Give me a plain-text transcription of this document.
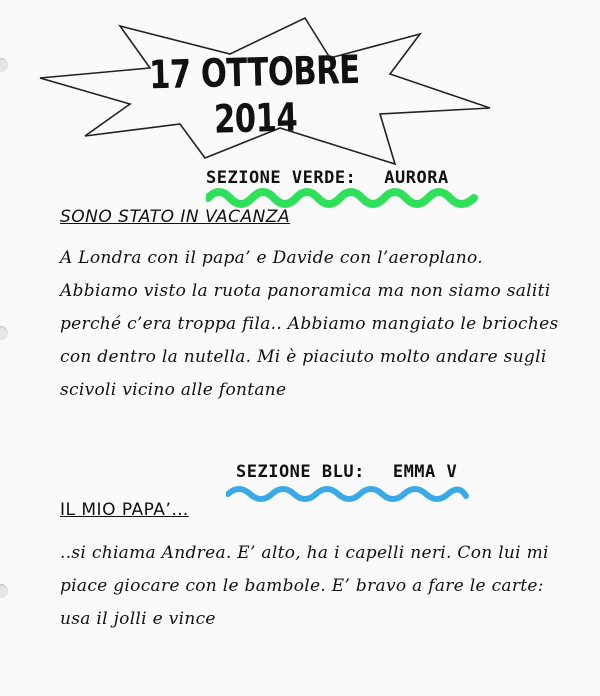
17 OTTOBRE 2014
SEZIONE VERDE: AURORA
SONO STATO IN VACANZA
A Londra con il papa’ e Davide con l’aeroplano.
Abbiamo visto la ruota panoramica ma non siamo saliti
perché c’era troppa fila.. Abbiamo mangiato le brioches
con dentro la nutella. Mi è piaciuto molto andare sugli
scivoli vicino alle fontane
SEZIONE BLU: EMMA V
IL MIO PAPA’…
..si chiama Andrea. E’ alto, ha i capelli neri. Con lui mi
piace giocare con le bambole. E’ bravo a fare le carte:
usa il jolli e vince
